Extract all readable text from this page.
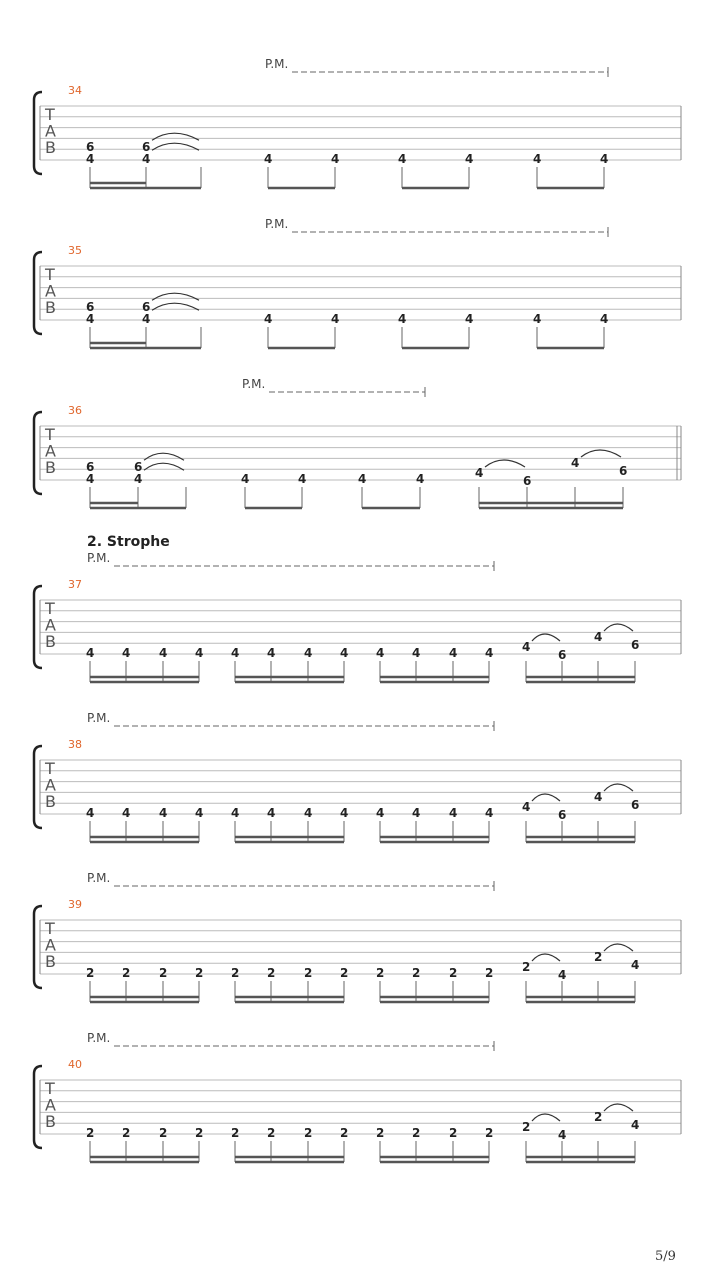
P.M.
34
T
A
B	6
4
6
4	4	4	4	4	4	4
P.M.
35
T
A
B	6
4
6
4	4	4	4	4	4	4
P.M.
36
T
A
B	6
4
6
4	4	4	4	4	4
6
4
6
P.M.
37
T
A
B
4 4 4 4 4 4 4 4 4 4 4 4 4
6
4
6
P.M.
38
T
A
B
4 4 4 4 4 4 4 4 4 4 4 4 4
6
4
6
P.M.
39
T
A
B
2 2 2 2 2 2 2 2 2 2 2 2 2
4
2
4
P.M.
40
T
A
B
2 2 2 2 2 2 2 2 2 2 2 2 2
4
2
4
2. Strophe
5/9
